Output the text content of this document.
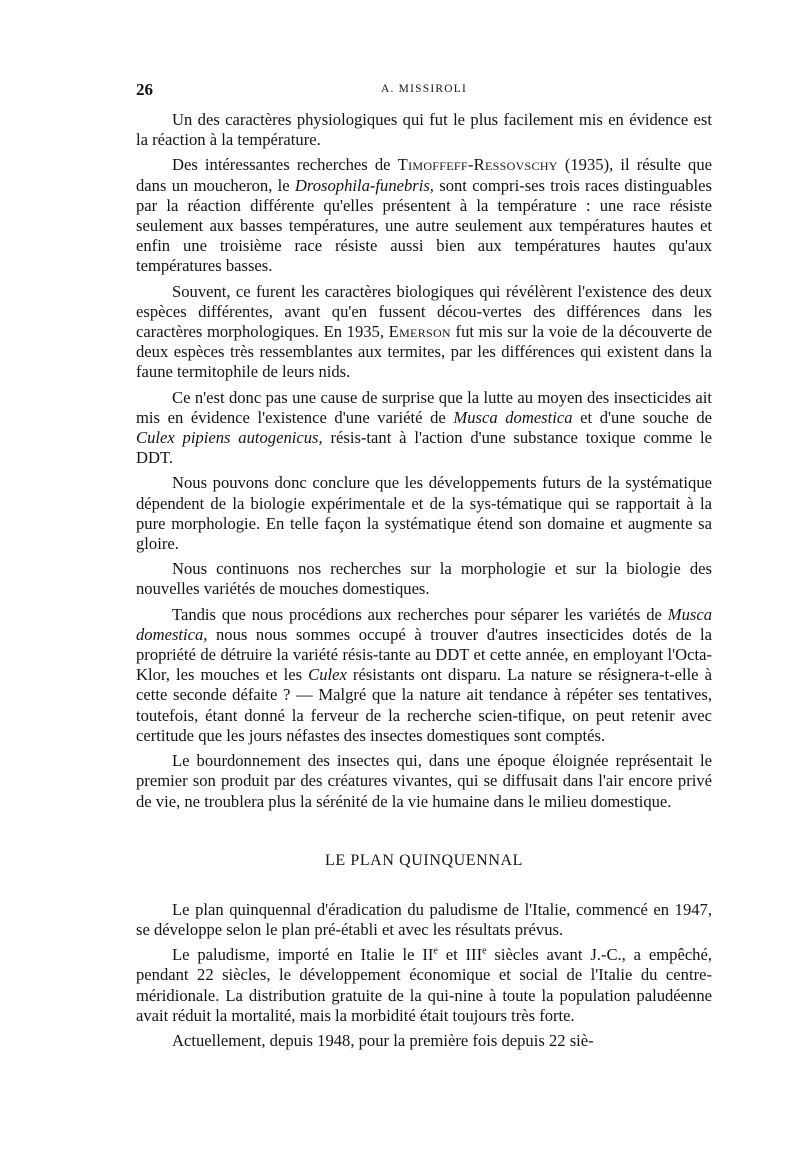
26	A. MISSIROLI

Un des caractères physiologiques qui fut le plus facilement mis en évidence est la réaction à la température.

Des intéressantes recherches de Timoffeff-Ressovschy (1935), il résulte que dans un moucheron, le Drosophila-funebris, sont compri-ses trois races distinguables par la réaction différente qu'elles présentent à la température : une race résiste seulement aux basses températures, une autre seulement aux températures hautes et enfin une troisième race résiste aussi bien aux températures hautes qu'aux températures basses.

Souvent, ce furent les caractères biologiques qui révélèrent l'existence des deux espèces différentes, avant qu'en fussent décou-vertes des différences dans les caractères morphologiques. En 1935, Emerson fut mis sur la voie de la découverte de deux espèces très ressemblantes aux termites, par les différences qui existent dans la faune termitophile de leurs nids.

Ce n'est donc pas une cause de surprise que la lutte au moyen des insecticides ait mis en évidence l'existence d'une variété de Musca domestica et d'une souche de Culex pipiens autogenicus, résis-tant à l'action d'une substance toxique comme le DDT.

Nous pouvons donc conclure que les développements futurs de la systématique dépendent de la biologie expérimentale et de la sys-tématique qui se rapportait à la pure morphologie. En telle façon la systématique étend son domaine et augmente sa gloire.

Nous continuons nos recherches sur la morphologie et sur la biologie des nouvelles variétés de mouches domestiques.

Tandis que nous procédions aux recherches pour séparer les variétés de Musca domestica, nous nous sommes occupé à trouver d'autres insecticides dotés de la propriété de détruire la variété résis-tante au DDT et cette année, en employant l'Octa-Klor, les mouches et les Culex résistants ont disparu. La nature se résignera-t-elle à cette seconde défaite ? — Malgré que la nature ait tendance à répéter ses tentatives, toutefois, étant donné la ferveur de la recherche scien-tifique, on peut retenir avec certitude que les jours néfastes des insectes domestiques sont comptés.

Le bourdonnement des insectes qui, dans une époque éloignée représentait le premier son produit par des créatures vivantes, qui se diffusait dans l'air encore privé de vie, ne troublera plus la sérénité de la vie humaine dans le milieu domestique.

LE PLAN QUINQUENNAL

Le plan quinquennal d'éradication du paludisme de l'Italie, commencé en 1947, se développe selon le plan pré-établi et avec les résultats prévus.

Le paludisme, importé en Italie le IIe et IIIe siècles avant J.-C., a empêché, pendant 22 siècles, le développement économique et social de l'Italie du centre-méridionale. La distribution gratuite de la qui-nine à toute la population paludéenne avait réduit la mortalité, mais la morbidité était toujours très forte.

Actuellement, depuis 1948, pour la première fois depuis 22 siè-
